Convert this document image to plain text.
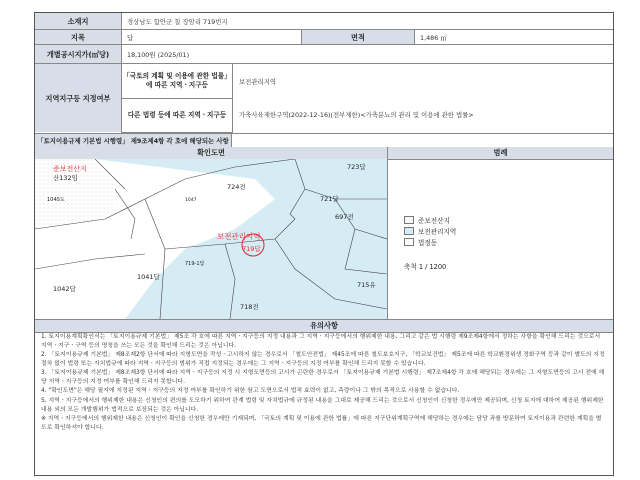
소재지	경상남도 함안군 칠 장암리 719번지
지목	답	면적	1,486 ㎡
개별공시지가(㎡당)	18,100원 (2025/01)
지역지구등 지정여부
「국토의 계획 및 이용에 관한 법률」에 따른 지역ㆍ지구등	보전관리지역
다른 법령 등에 따른 지역ㆍ지구등	가축사육제한구역(2022-12-16)(전부제한)<가축분뇨의 관리 및 이용에 관한 법률>
「토지이용규제 기본법 시행령」 제9조제4항 각 호에 해당되는 사항
확인도면	범례
준보전산지
산132임
723답
724전
721답
697전
보전관리지역
719답
719-1답
1041답
1042답
718전
715유
1047
1040도
준보전산지
보전관리지역
법정동
축척 1 / 1200
유의사항

1. 토지이용계획확인서는 「토지이용규제 기본법」 제5조 각 호에 따른 지역ㆍ지구등의 지정 내용과 그 지역ㆍ지구등에서의 행위제한 내용, 그리고 같은 법 시행령 제9조제4항에서 정하는 사항을 확인해 드리는 것으로서 지역ㆍ지구ㆍ구역 등의 명칭을 쓰는 모든 것을 확인해 드리는 것은 아닙니다.

2. 「토지이용규제 기본법」 제8조제2항 단서에 따라 지형도면을 작성ㆍ고시하지 않는 경우로서 「철도안전법」 제45조에 따른 철도보호지구, 「학교보건법」 제5조에 따른 학교환경위생 정화구역 등과 같이 별도의 지정 절차 없이 법령 또는 자치법규에 따라 지역ㆍ지구등의 범위가 직접 지정되는 경우에는 그 지역ㆍ지구등의 지정 여부를 확인해 드리지 못할 수 있습니다.

3. 「토지이용규제 기본법」 제8조제3항 단서에 따라 지역ㆍ지구등의 지정 시 지형도면등의 고시가 곤란한 경우로서 「토지이용규제 기본법 시행령」 제7조제4항 각 호에 해당되는 경우에는 그 지형도면등의 고시 전에 해당 지역ㆍ지구등의 지정 여부를 확인해 드리지 못합니다.

4. "확인도면"은 해당 필지에 지정된 지역ㆍ지구등의 지정 여부를 확인하기 위한 참고 도면으로서 법적 효력이 없고, 측량이나 그 밖의 목적으로 사용할 수 없습니다.

5. 지역ㆍ지구등에서의 행위제한 내용은 신청인의 편의를 도모하기 위하여 관계 법령 및 자치법규에 규정된 내용을 그대로 제공해 드리는 것으로서 신청인이 신청한 경우에만 제공되며, 신청 토지에 대하여 제공된 행위제한 내용 외의 모든 개발행위가 법적으로 보장되는 것은 아닙니다.

※ 지역ㆍ지구등에서의 행위제한 내용은 신청인이 확인을 신청한 경우에만 기재되며, 「국토의 계획 및 이용에 관한 법률」에 따른 지구단위계획구역에 해당하는 경우에는 담당 과를 방문하여 토지이용과 관련한 계획을 별도로 확인하셔야 합니다.
